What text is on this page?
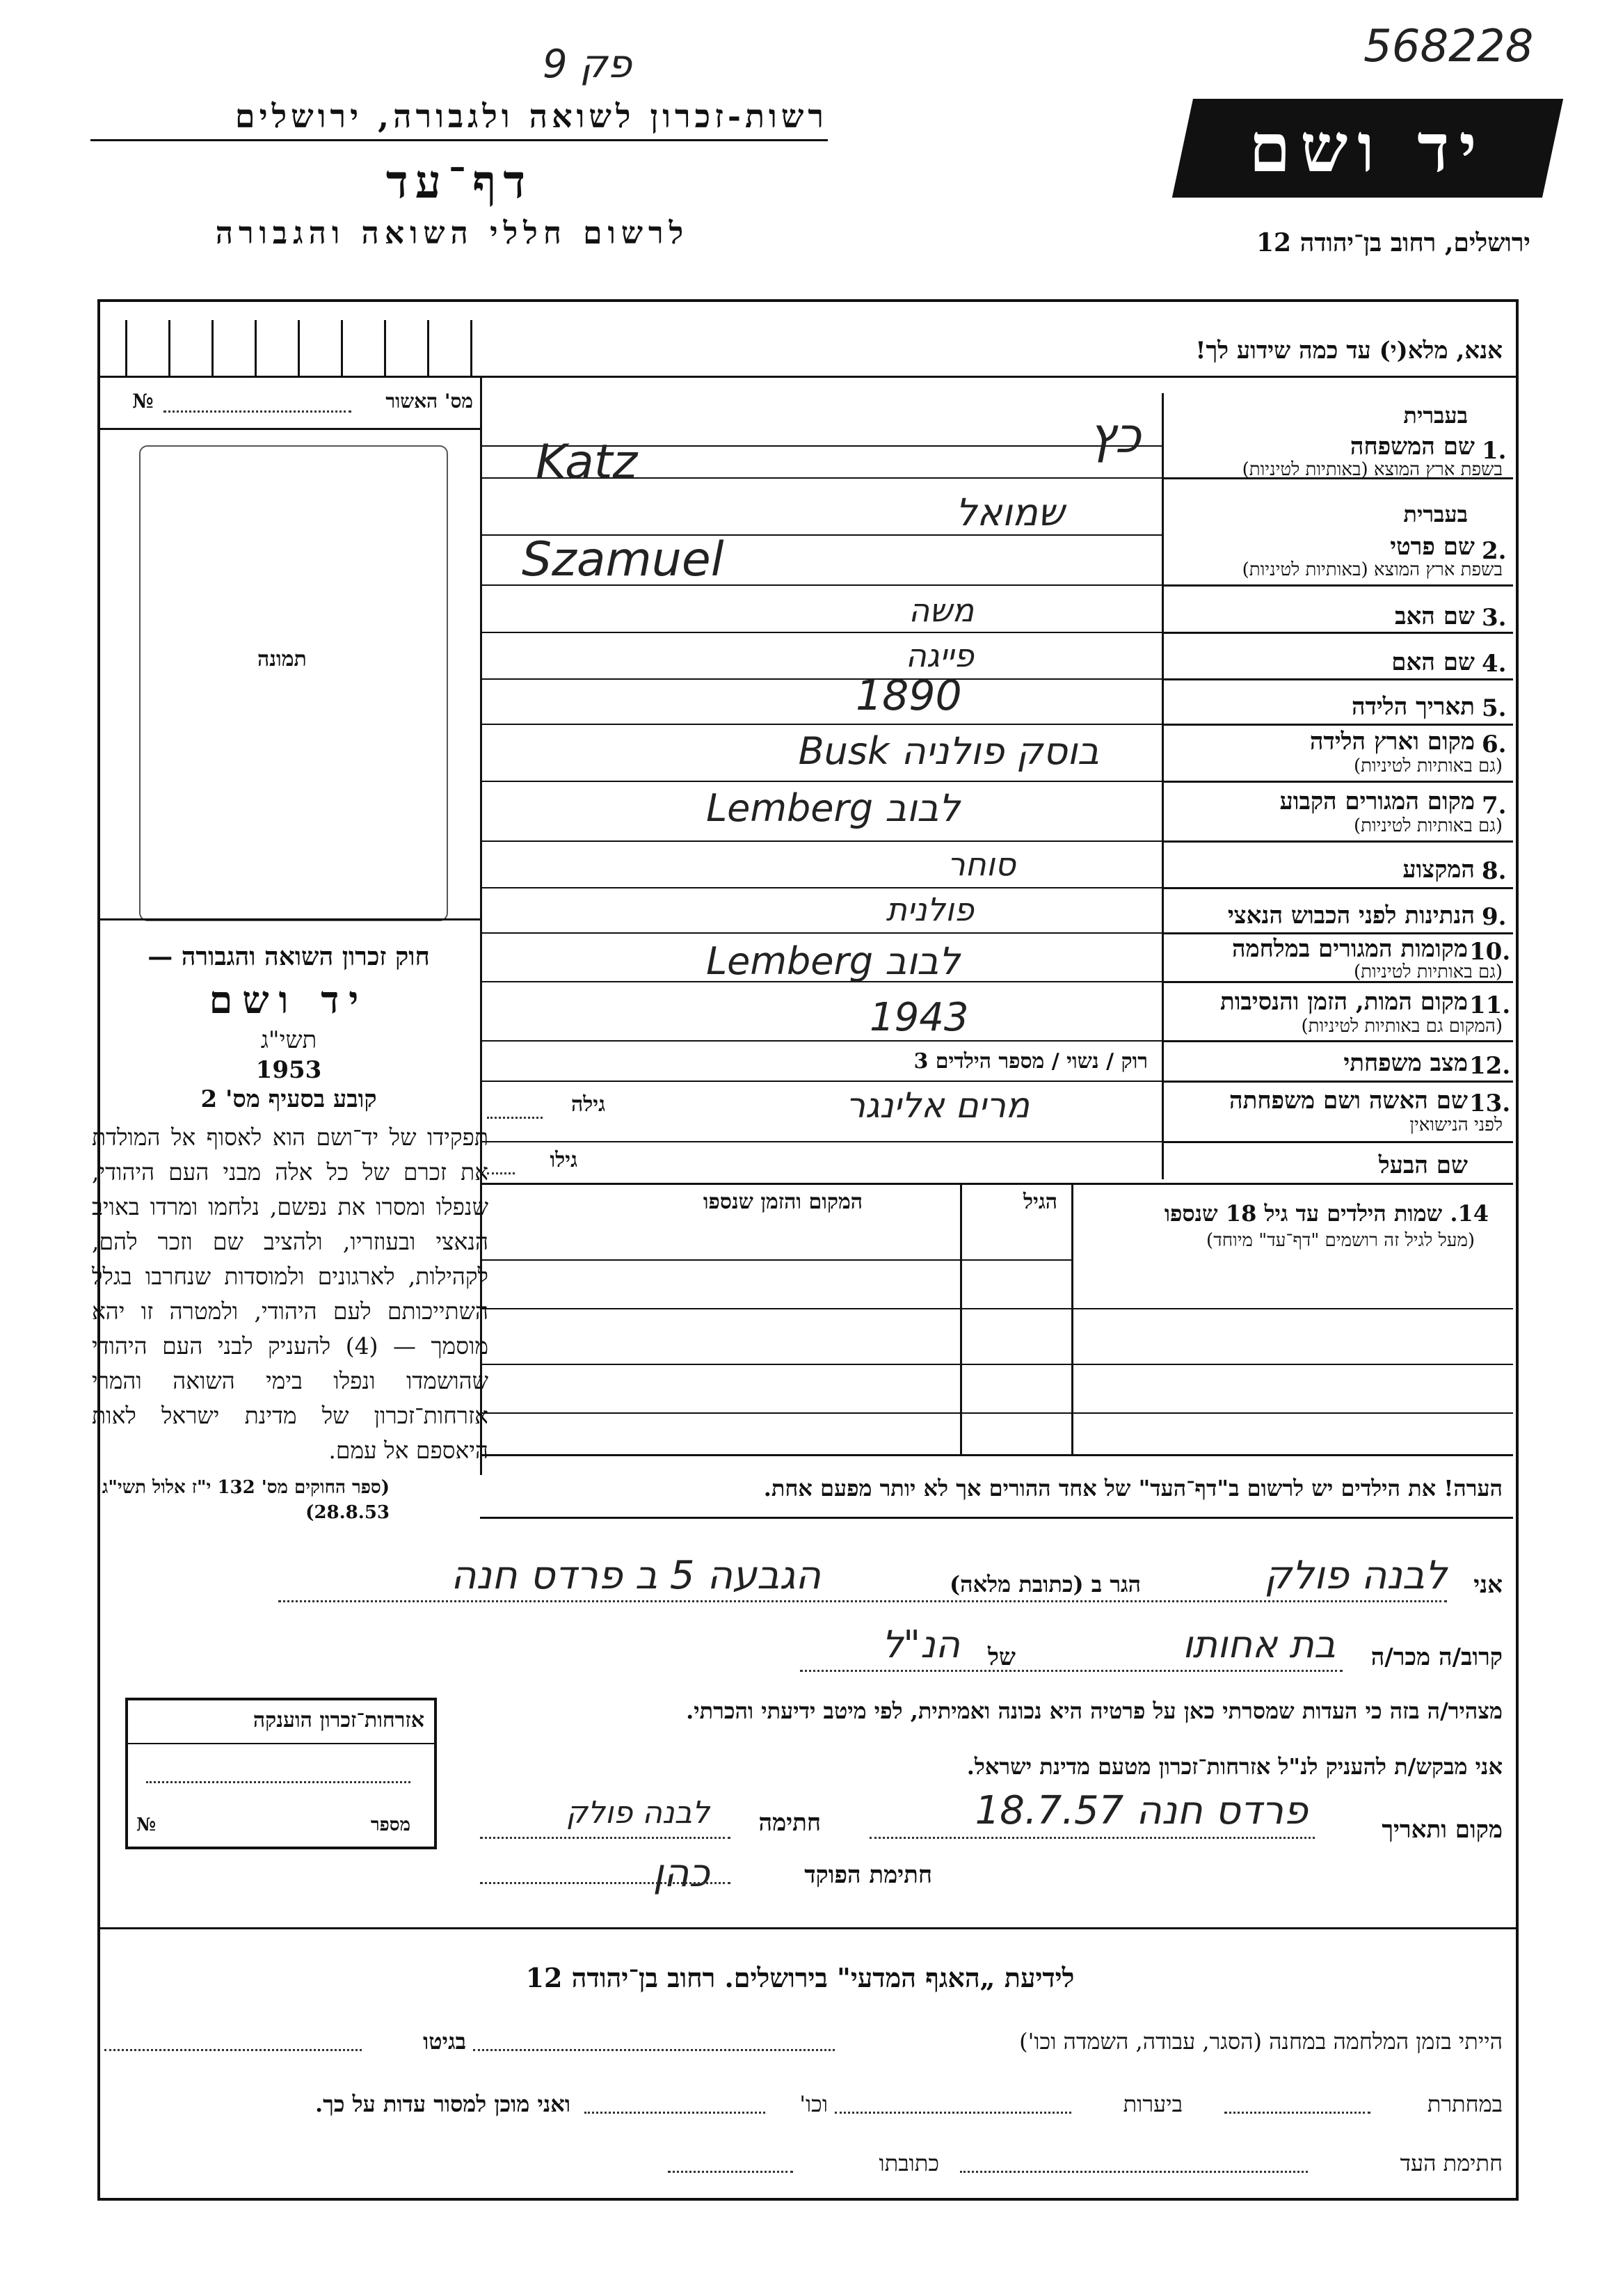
568228
פק 9
רשות-זכרון לשואה ולגבורה, ירושלים
דף־עד
לרשום חללי השואה והגבורה
יד ושם
ירושלים, רחוב בן־יהודה 12
אנא, מלא(י) עד כמה שידוע לך!
מס' האשור
№
תמונה
חוק זכרון השואה והגבורה —
יד ושם
תשי"ג
1953
קובע בסעיף מס' 2
תפקידו של יד־ושם הוא לאסוף אל המולדת את זכרם של כל אלה מבני העם היהודי, שנפלו ומסרו את נפשם, נלחמו ומרדו באויב הנאצי ובעוזריו, ולהציב שם וזכר להם, לקהילות, לארגונים ולמוסדות שנחרבו בגלל השתייכותם לעם היהודי, ולמטרה זו יהא מוסמך — (4) להעניק לבני העם היהודי שהושמדו ונפלו בימי השואה והמרי אזרחות־זכרון של מדינת ישראל לאות היאספם אל עמם.
(ספר החוקים מס' 132 י"ז אלול תשי"ג 28.8.53)
בעברית
1.
שם המשפחה
בשפת ארץ המוצא (באותיות לטיניות)
כץ
Katz
בעברית
2.
שם פרטי
בשפת ארץ המוצא (באותיות לטיניות)
שמואל
Szamuel
3.
שם האב
משה
4.
שם האם
פייגה
5.
תאריך הלידה
1890
6.
מקום וארץ הלידה
(גם באותיות לטיניות)
בוסק פולניה Busk
7.
מקום המגורים הקבוע
(גם באותיות לטיניות)
לבוב Lemberg
8.
המקצוע
סוחר
9.
הנתינות לפני הכבוש הנאצי
פולנית
10.
מקומות המגורים במלחמה
(גם באותיות לטיניות)
לבוב Lemberg
11.
מקום המות, הזמן והנסיבות
(המקום גם באותיות לטיניות)
1943
12.
מצב משפחתי
רוק / נשוי / מספר הילדים 3
13.
שם האשה ושם משפחתה
לפני הנישואין
מרים אלינגר
גילה
שם הבעל
גילו
14. שמות הילדים עד גיל 18 שנספו
(מעל לגיל זה רושמים "דף־עד" מיוחד)
הגיל
המקום והזמן שנספו
הערה! את הילדים יש לרשום ב"דף־העד" של אחד ההורים אך לא יותר מפעם אחת.
אני
לבנה פולק
הגר ב (כתובת מלאה)
הגבעה 5 ב פרדס חנה
קרוב/ה מכר/ה
בת אחותו
של
הנ"ל
מצהיר/ה בזה כי העדות שמסרתי כאן על פרטיה היא נכונה ואמיתית, לפי מיטב ידיעתי והכרתי.
אני מבקש/ת להעניק לנ"ל אזרחות־זכרון מטעם מדינת ישראל.
מקום ותאריך
פרדס חנה 18.7.57
חתימה
לבנה פולק
חתימת הפוקד
כהן
אזרחות־זכרון הוענקה
מספר
№
לידיעת „האגף המדעי" בירושלים. רחוב בן־יהודה 12
הייתי בזמן המלחמה במחנה (הסגר, עבודה, השמדה וכו')
בגיטו
במחתרת
ביערות
וכו'
ואני מוכן למסור עדות על כך.
חתימת העד
כתובתו
